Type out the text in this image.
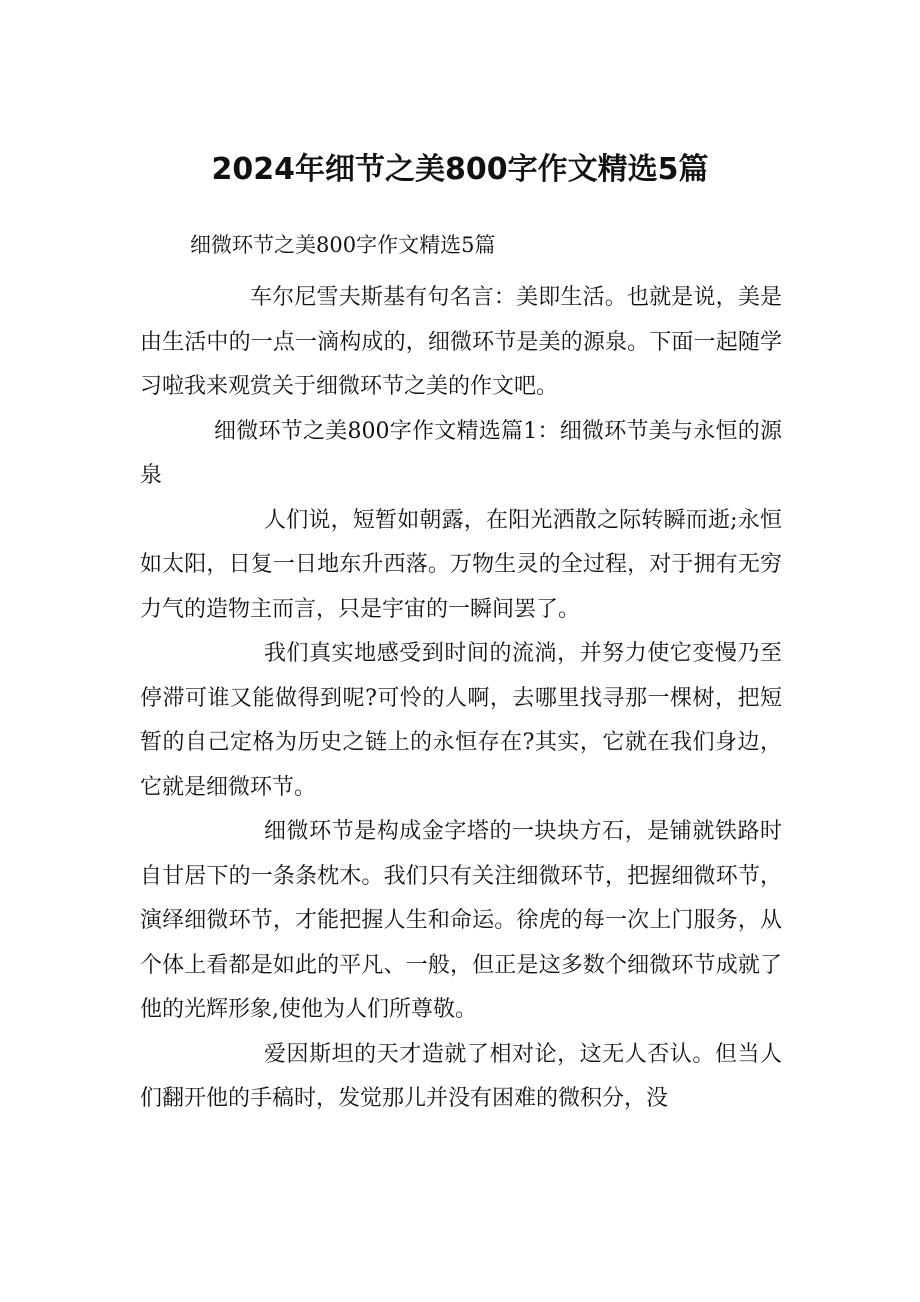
2024年细节之美800字作文精选5篇

细微环节之美800字作文精选5篇

车尔尼雪夫斯基有句名言：美即生活。也就是说，美是由生活中的一点一滴构成的，细微环节是美的源泉。下面一起随学习啦我来观赏关于细微环节之美的作文吧。

细微环节之美800字作文精选篇1：细微环节美与永恒的源泉

人们说，短暂如朝露，在阳光洒散之际转瞬而逝;永恒如太阳，日复一日地东升西落。万物生灵的全过程，对于拥有无穷力气的造物主而言，只是宇宙的一瞬间罢了。

我们真实地感受到时间的流淌，并努力使它变慢乃至停滞可谁又能做得到呢?可怜的人啊，去哪里找寻那一棵树，把短暂的自己定格为历史之链上的永恒存在?其实，它就在我们身边，它就是细微环节。

细微环节是构成金字塔的一块块方石，是铺就铁路时自甘居下的一条条枕木。我们只有关注细微环节，把握细微环节，演绎细微环节，才能把握人生和命运。徐虎的每一次上门服务，从个体上看都是如此的平凡、一般，但正是这多数个细微环节成就了他的光辉形象,使他为人们所尊敬。

爱因斯坦的天才造就了相对论，这无人否认。但当人们翻开他的手稿时，发觉那儿并没有困难的微积分，没
